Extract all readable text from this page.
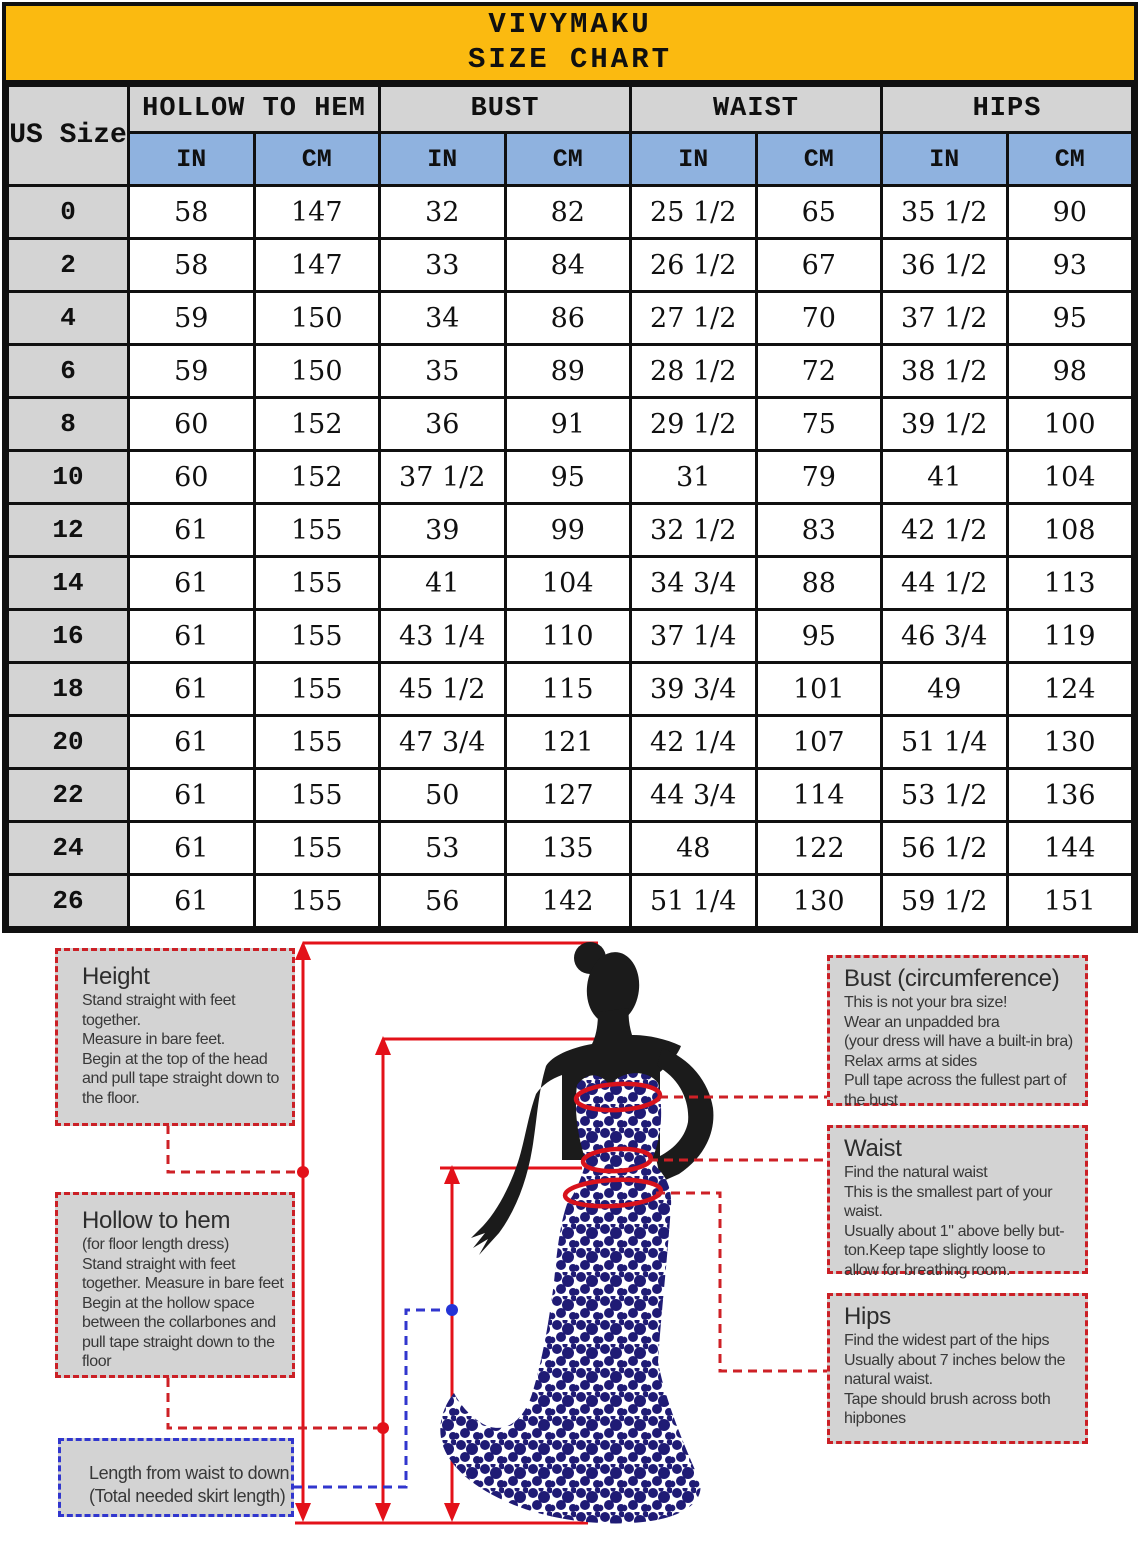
VIVYMAKU
SIZE CHART
US Size	HOLLOW TO HEM		BUST		WAIST		HIPS	
	IN	CM	IN	CM	IN	CM	IN	CM
0	58	147	32	82	25 1/2	65	35 1/2	90
2	58	147	33	84	26 1/2	67	36 1/2	93
4	59	150	34	86	27 1/2	70	37 1/2	95
6	59	150	35	89	28 1/2	72	38 1/2	98
8	60	152	36	91	29 1/2	75	39 1/2	100
10	60	152	37 1/2	95	31	79	41	104
12	61	155	39	99	32 1/2	83	42 1/2	108
14	61	155	41	104	34 3/4	88	44 1/2	113
16	61	155	43 1/4	110	37 1/4	95	46 3/4	119
18	61	155	45 1/2	115	39 3/4	101	49	124
20	61	155	47 3/4	121	42 1/4	107	51 1/4	130
22	61	155	50	127	44 3/4	114	53 1/2	136
24	61	155	53	135	48	122	56 1/2	144
26	61	155	56	142	51 1/4	130	59 1/2	151
Height
Stand straight with feet
together.
Measure in bare feet.
Begin at the top of the head
and pull tape straight down to
the floor.
Hollow to hem
(for floor length dress)
Stand straight with feet
together. Measure in bare feet
Begin at the hollow space
between the collarbones and
pull tape straight down to the
floor
Length from waist to down
(Total needed skirt length)
Bust (circumference)
This is not your bra size!
Wear an unpadded bra
(your dress will have a built-in bra)
Relax arms at sides
Pull tape across the fullest part of
the bust
Waist
Find the natural waist
This is the smallest part of your
waist.
Usually about 1" above belly but-
ton.Keep tape slightly loose to
allow for breathing room.
Hips
Find the widest part of the hips
Usually about 7 inches below the
natural waist.
Tape should brush across both
hipbones
